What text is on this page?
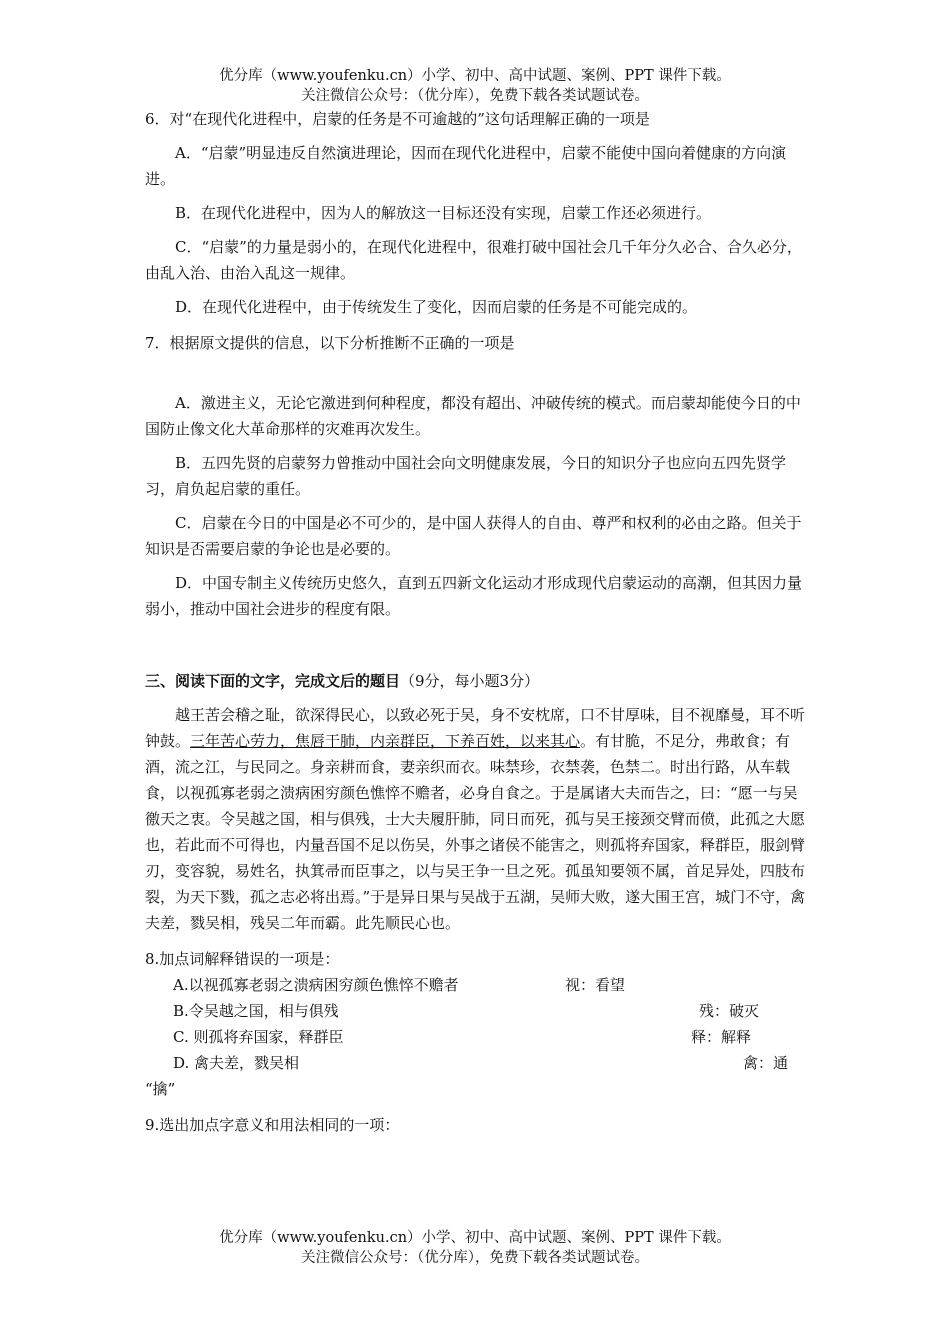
优分库（www.youfenku.cn）小学、初中、高中试题、案例、PPT 课件下载。
关注微信公众号：（优分库），免费下载各类试题试卷。

6．对“在现代化进程中，启蒙的任务是不可逾越的”这句话理解正确的一项是

A．“启蒙”明显违反自然演进理论，因而在现代化进程中，启蒙不能使中国向着健康的方向演进。

B．在现代化进程中，因为人的解放这一目标还没有实现，启蒙工作还必须进行。

C．“启蒙”的力量是弱小的，在现代化进程中，很难打破中国社会几千年分久必合、合久必分，由乱入治、由治入乱这一规律。

D．在现代化进程中，由于传统发生了变化，因而启蒙的任务是不可能完成的。

7．根据原文提供的信息，以下分析推断不正确的一项是

A．激进主义，无论它激进到何种程度，都没有超出、冲破传统的模式。而启蒙却能使今日的中国防止像文化大革命那样的灾难再次发生。

B．五四先贤的启蒙努力曾推动中国社会向文明健康发展，今日的知识分子也应向五四先贤学习，肩负起启蒙的重任。

C．启蒙在今日的中国是必不可少的，是中国人获得人的自由、尊严和权利的必由之路。但关于知识是否需要启蒙的争论也是必要的。

D．中国专制主义传统历史悠久，直到五四新文化运动才形成现代启蒙运动的高潮，但其因力量弱小，推动中国社会进步的程度有限。

三、阅读下面的文字，完成文后的题目（9分，每小题3分）

越王苦会稽之耻，欲深得民心，以致必死于吴，身不安枕席，口不甘厚味，目不视靡曼，耳不听钟鼓。三年苦心劳力，焦唇干肺，内亲群臣，下养百姓，以来其心。有甘脆，不足分，弗敢食；有酒，流之江，与民同之。身亲耕而食，妻亲织而衣。味禁珍，衣禁袭，色禁二。时出行路，从车载食，以视孤寡老弱之溃病困穷颜色憔悴不赡者，必身自食之。于是属诸大夫而告之，曰：“愿一与吴徼天之衷。令吴越之国，相与俱残，士大夫履肝肺，同日而死，孤与吴王接颈交臂而偾，此孤之大愿也，若此而不可得也，内量吾国不足以伤吴，外事之诸侯不能害之，则孤将弃国家，释群臣，服剑臂刃，变容貌，易姓名，执箕帚而臣事之，以与吴王争一旦之死。孤虽知要领不属，首足异处，四肢布裂，为天下戮，孤之志必将出焉。”于是异日果与吴战于五湖，吴师大败，遂大围王宫，城门不守，禽夫差，戮吴相，残吴二年而霸。此先顺民心也。

8.加点词解释错误的一项是：

A.以视孤寡老弱之溃病困穷颜色憔悴不赡者	视：看望
B.令吴越之国，相与俱残	残：破灭
C. 则孤将弃国家，释群臣	释：解释
D. 禽夫差，戮吴相	禽：通

“擒”

9.选出加点字意义和用法相同的一项：

优分库（www.youfenku.cn）小学、初中、高中试题、案例、PPT 课件下载。
关注微信公众号：（优分库），免费下载各类试题试卷。
